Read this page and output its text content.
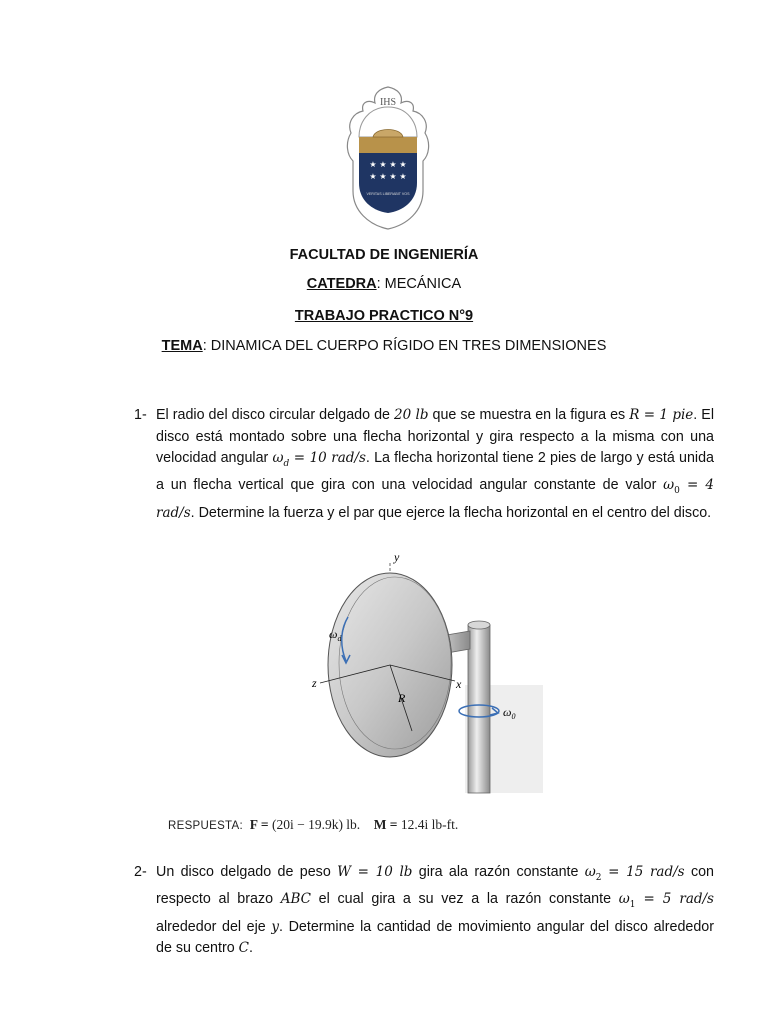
IHS
★ ★ ★ ★
★ ★ ★ ★
VERITAS LIBERABIT VOS
FACULTAD DE INGENIERÍA
CATEDRA: MECÁNICA
TRABAJO PRACTICO N°9
TEMA: DINAMICA DEL CUERPO RÍGIDO EN TRES DIMENSIONES
1- El radio del disco circular delgado de 20 lb que se muestra en la figura es R = 1 pie. El disco está montado sobre una flecha horizontal y gira respecto a la misma con una velocidad angular $\omega_d = 10$ rad/s. La flecha horizontal tiene 2 pies de largo y está unida a un flecha vertical que gira con una velocidad angular constante de valor $\omega_0 = 4$ rad/s. Determine la fuerza y el par que ejerce la flecha horizontal en el centro del disco.
y
z	x
R
$\omega_d$
$\omega_0$
RESPUESTA: F = (20i − 19.9k) lb. M = 12.4i lb-ft.
2- Un disco delgado de peso W = 10 lb gira ala razón constante $\omega_2 = 15$ rad/s con respecto al brazo ABC el cual gira a su vez a la razón constante $\omega_1 = 5$ rad/s alrededor del eje y. Determine la cantidad de movimiento angular del disco alrededor de su centro C.
